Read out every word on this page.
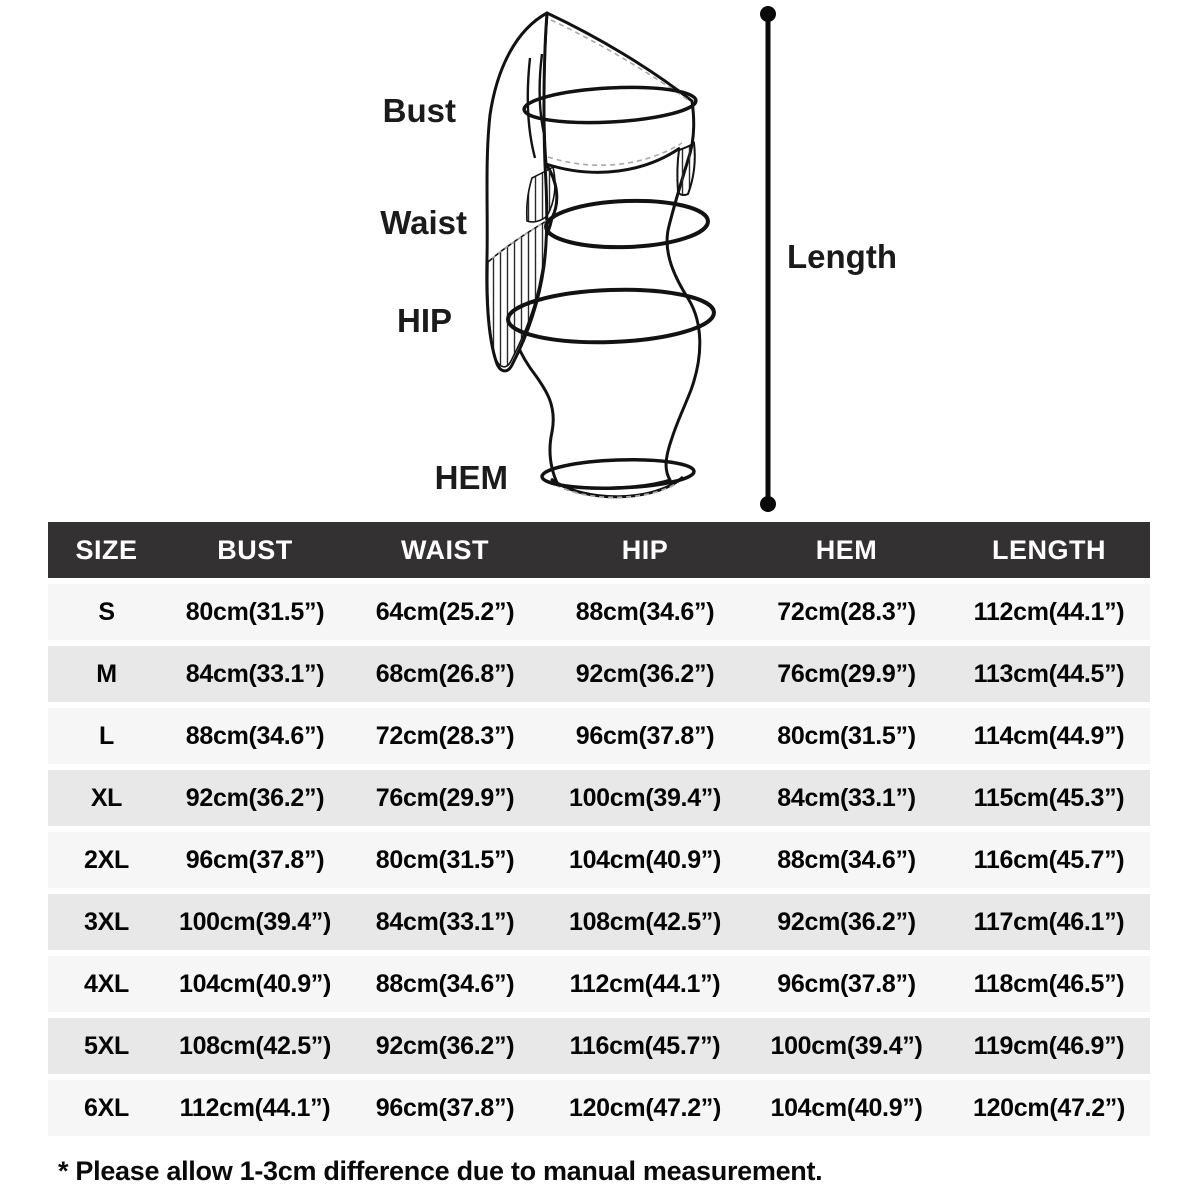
Bust
Waist
HIP
HEM
Length
SIZE	BUST	WAIST	HIP	HEM	LENGTH
S	80cm(31.5”)	64cm(25.2”)	88cm(34.6”)	72cm(28.3”)	112cm(44.1”)
M	84cm(33.1”)	68cm(26.8”)	92cm(36.2”)	76cm(29.9”)	113cm(44.5”)
L	88cm(34.6”)	72cm(28.3”)	96cm(37.8”)	80cm(31.5”)	114cm(44.9”)
XL	92cm(36.2”)	76cm(29.9”)	100cm(39.4”)	84cm(33.1”)	115cm(45.3”)
2XL	96cm(37.8”)	80cm(31.5”)	104cm(40.9”)	88cm(34.6”)	116cm(45.7”)
3XL	100cm(39.4”)	84cm(33.1”)	108cm(42.5”)	92cm(36.2”)	117cm(46.1”)
4XL	104cm(40.9”)	88cm(34.6”)	112cm(44.1”)	96cm(37.8”)	118cm(46.5”)
5XL	108cm(42.5”)	92cm(36.2”)	116cm(45.7”)	100cm(39.4”)	119cm(46.9”)
6XL	112cm(44.1”)	96cm(37.8”)	120cm(47.2”)	104cm(40.9”)	120cm(47.2”)
* Please allow 1-3cm difference due to manual measurement.
